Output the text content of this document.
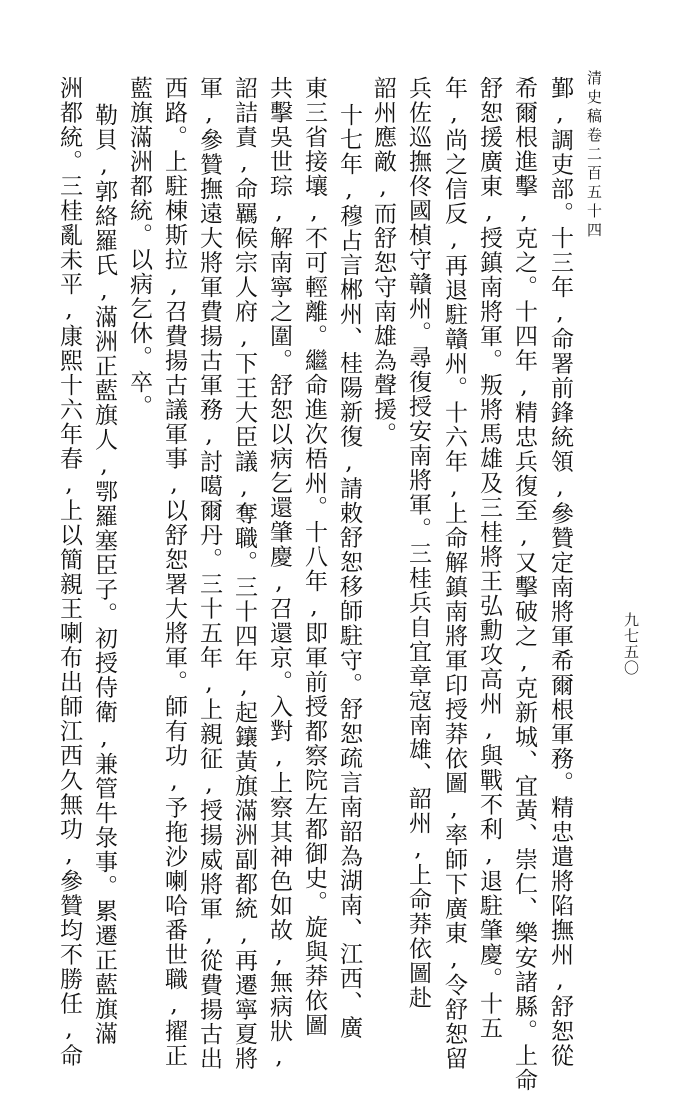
清史稿卷二百五十四
九七五〇
鄞,調吏部。十三年,命署前鋒統領,參贊定南將軍希爾根軍務。精忠遣將陷撫州,舒恕從
希爾根進擊,克之。十四年,精忠兵復至,又擊破之,克新城、宜黃、崇仁、樂安諸縣。上命
舒恕援廣東,授鎮南將軍。叛將馬雄及三桂將王弘勳攻高州,與戰不利,退駐肇慶。十五
年,尚之信反,再退駐贛州。十六年,上命解鎮南將軍印授莽依圖,率師下廣東,令舒恕留
兵佐巡撫佟國楨守贛州。尋復授安南將軍。三桂兵自宜章寇南雄、韶州,上命莽依圖赴
韶州應敵,而舒恕守南雄為聲援。
十七年,穆占言郴州、桂陽新復,請敕舒恕移師駐守。舒恕疏言南韶為湖南、江西、廣
東三省接壤,不可輕離。繼命進次梧州。十八年,即軍前授都察院左都御史。旋與莽依圖
共擊吳世琮,解南寧之圍。舒恕以病乞還肇慶,召還京。入對,上察其神色如故,無病狀,
詔詰責,命羈候宗人府,下王大臣議,奪職。三十四年,起鑲黃旗滿洲副都統,再遷寧夏將
軍,參贊撫遠大將軍費揚古軍務,討噶爾丹。三十五年,上親征,授揚威將軍,從費揚古出
西路。上駐棟斯拉,召費揚古議軍事,以舒恕署大將軍。師有功,予拖沙喇哈番世職,擢正
藍旗滿洲都統。以病乞休。卒。
勒貝,郭絡羅氏,滿洲正藍旗人,鄂羅塞臣子。初授侍衛,兼管牛彔事。累遷正藍旗滿
洲都統。三桂亂未平,康熙十六年春,上以簡親王喇布出師江西久無功,參贊均不勝任,命
